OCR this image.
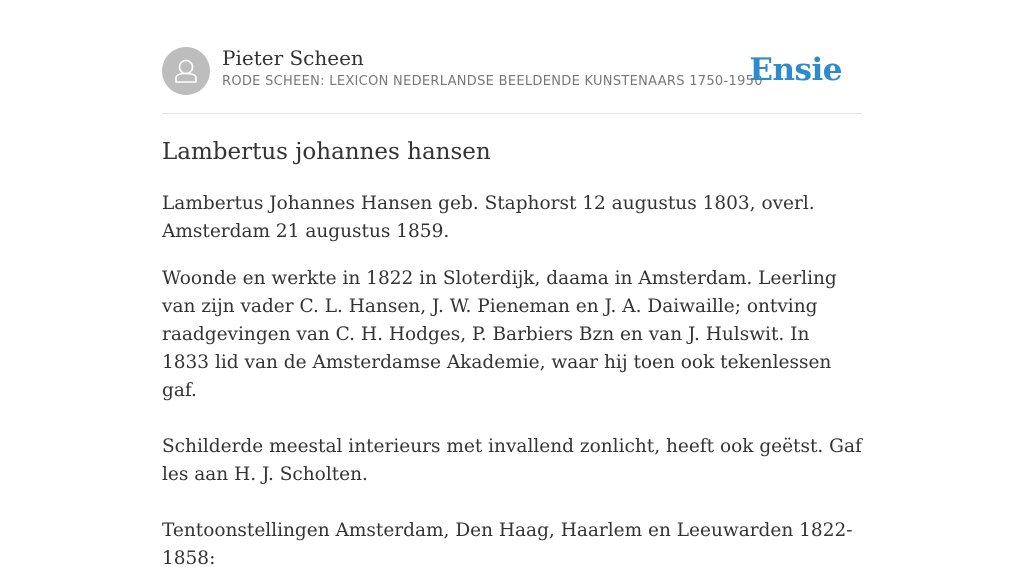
Pieter Scheen
RODE SCHEEN: LEXICON NEDERLANDSE BEELDENDE KUNSTENAARS 1750-1950
Ensie
Lambertus johannes hansen

Lambertus Johannes Hansen geb. Staphorst 12 augustus 1803, overl. Amsterdam 21 augustus 1859.

Woonde en werkte in 1822 in Sloterdijk, daama in Amsterdam. Leerling van zijn vader C. L. Hansen, J. W. Pieneman en J. A. Daiwaille; ontving raadgevingen van C. H. Hodges, P. Barbiers Bzn en van J. Hulswit. In 1833 lid van de Amsterdamse Akademie, waar hij toen ook tekenlessen gaf.

Schilderde meestal interieurs met invallend zonlicht, heeft ook geëtst. Gaf les aan H. J. Scholten.

Tentoonstellingen Amsterdam, Den Haag, Haarlem en Leeuwarden 1822-1858:
